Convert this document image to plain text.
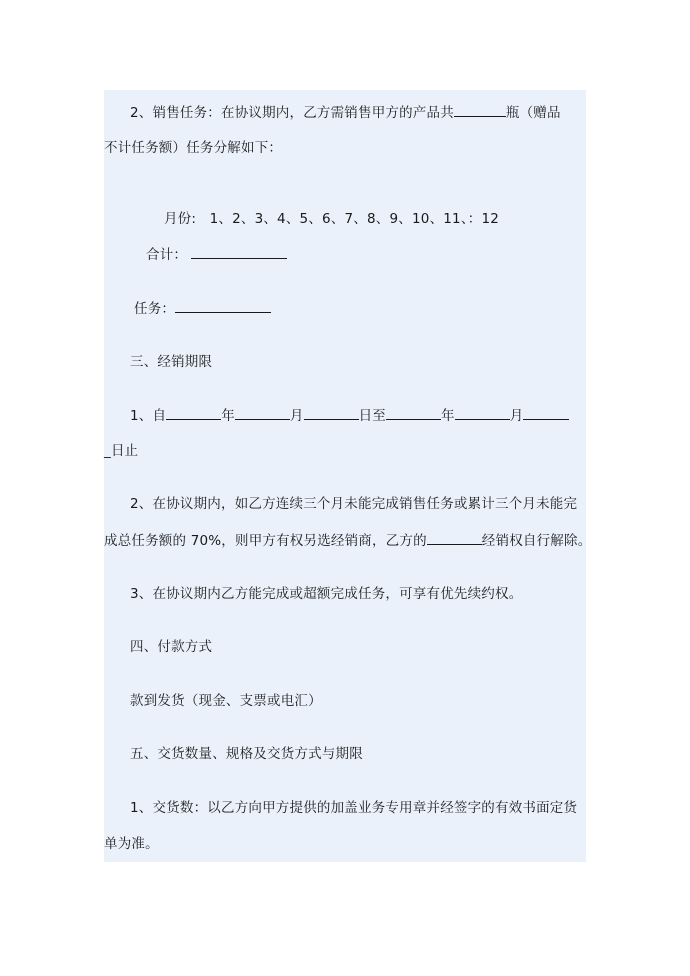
2、销售任务：在协议期内，乙方需销售甲方的产品共	瓶（赠品
不计任务额）任务分解如下：

月份:   1、2、3、4、5、6、7、8、9、10、11、：12

合计：
任务：
三、经销期限
1、自	年	月	日至	年	月
_日止
2、在协议期内，如乙方连续三个月未能完成销售任务或累计三个月未能完
成总任务额的 70%，则甲方有权另选经销商，乙方的	经销权自行解除。
3、在协议期内乙方能完成或超额完成任务，可享有优先续约权。
四、付款方式
款到发货（现金、支票或电汇）
五、交货数量、规格及交货方式与期限
1、交货数：以乙方向甲方提供的加盖业务专用章并经签字的有效书面定货
单为准。
